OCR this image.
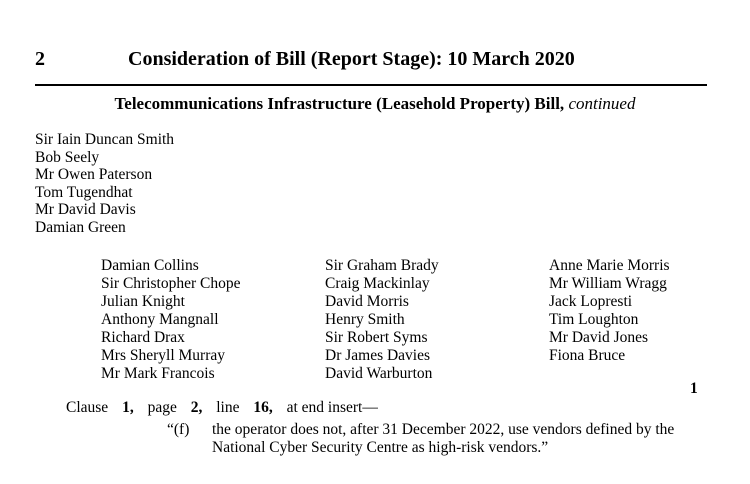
2	Consideration of Bill (Report Stage): 10 March 2020
Telecommunications Infrastructure (Leasehold Property) Bill, continued
Sir Iain Duncan Smith
Bob Seely
Mr Owen Paterson
Tom Tugendhat
Mr David Davis
Damian Green
Damian Collins
Sir Christopher Chope
Julian Knight
Anthony Mangnall
Richard Drax
Mrs Sheryll Murray
Mr Mark Francois
Sir Graham Brady
Craig Mackinlay
David Morris
Henry Smith
Sir Robert Syms
Dr James Davies
David Warburton
Anne Marie Morris
Mr William Wragg
Jack Lopresti
Tim Loughton
Mr David Jones
Fiona Bruce
1
Clause 1, page 2, line 16, at end insert—
“(f) the operator does not, after 31 December 2022, use vendors defined by the National Cyber Security Centre as high-risk vendors.”
